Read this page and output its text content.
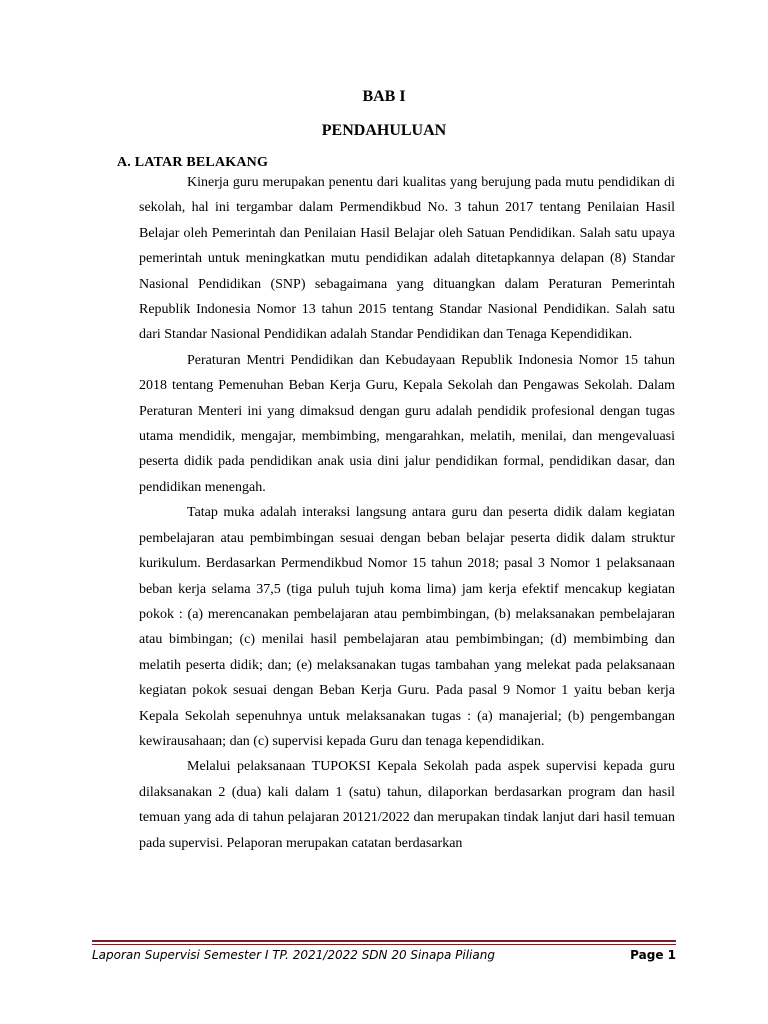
BAB I
PENDAHULUAN
A. LATAR BELAKANG

Kinerja guru merupakan penentu dari kualitas yang berujung pada mutu pendidikan di sekolah, hal ini tergambar dalam Permendikbud No. 3 tahun 2017 tentang Penilaian Hasil Belajar oleh Pemerintah dan Penilaian Hasil Belajar oleh Satuan Pendidikan. Salah satu upaya pemerintah untuk meningkatkan mutu pendidikan adalah ditetapkannya delapan (8) Standar Nasional Pendidikan (SNP) sebagaimana yang dituangkan dalam Peraturan Pemerintah Republik Indonesia Nomor 13 tahun 2015 tentang Standar Nasional Pendidikan. Salah satu dari Standar Nasional Pendidikan adalah Standar Pendidikan dan Tenaga Kependidikan.

Peraturan Mentri Pendidikan dan Kebudayaan Republik Indonesia Nomor 15 tahun 2018 tentang Pemenuhan Beban Kerja Guru, Kepala Sekolah dan Pengawas Sekolah. Dalam Peraturan Menteri ini yang dimaksud dengan guru adalah pendidik profesional dengan tugas utama mendidik, mengajar, membimbing, mengarahkan, melatih, menilai, dan mengevaluasi peserta didik pada pendidikan anak usia dini jalur pendidikan formal, pendidikan dasar, dan pendidikan menengah.

Tatap muka adalah interaksi langsung antara guru dan peserta didik dalam kegiatan pembelajaran atau pembimbingan sesuai dengan beban belajar peserta didik dalam struktur kurikulum. Berdasarkan Permendikbud Nomor 15 tahun 2018; pasal 3 Nomor 1 pelaksanaan beban kerja selama 37,5 (tiga puluh tujuh koma lima) jam kerja efektif mencakup kegiatan pokok : (a) merencanakan pembelajaran atau pembimbingan, (b) melaksanakan pembelajaran atau bimbingan; (c) menilai hasil pembelajaran atau pembimbingan; (d) membimbing dan melatih peserta didik; dan; (e) melaksanakan tugas tambahan yang melekat pada pelaksanaan kegiatan pokok sesuai dengan Beban Kerja Guru. Pada pasal 9 Nomor 1 yaitu beban kerja Kepala Sekolah sepenuhnya untuk melaksanakan tugas : (a) manajerial; (b) pengembangan kewirausahaan; dan (c) supervisi kepada Guru dan tenaga kependidikan.

Melalui pelaksanaan TUPOKSI Kepala Sekolah pada aspek supervisi kepada guru dilaksanakan 2 (dua) kali dalam 1 (satu) tahun, dilaporkan berdasarkan program dan hasil temuan yang ada di tahun pelajaran 20121/2022 dan merupakan tindak lanjut dari hasil temuan pada supervisi. Pelaporan merupakan catatan berdasarkan

Laporan Supervisi Semester I TP. 2021/2022 SDN 20 Sinapa Piliang	Page 1
